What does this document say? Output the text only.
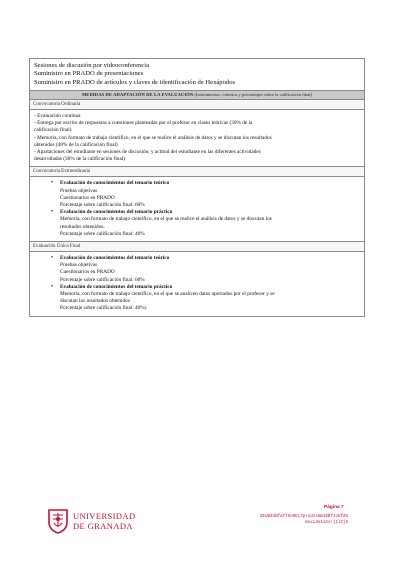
Sesiones de discusión por videoconferencia
Suministro en PRADO de presentaciones
Suministro en PRADO de artículos y claves de identificación de Hexápodos
MEDIDAS DE ADAPTACIÓN DE LA EVALUACIÓN (Instrumentos, criterios y porcentajes sobre la calificación final)
Convocatoria Ordinaria
- Evaluación continua
- Entrega por escrito de respuestas a cuestiones planteadas por el profesor en clases teóricas (30% de la
calificación final)
- Memoria, con formato de trabajo científico, en el que se realice el análisis de datos y se discutan los resultados
obtenidos (40% de la calificación final)
- Apartaciones del estudiante en sesiones de discusión, y actitud del estudiante en las diferentes actividades
desarrolladas (30% de la calificación final)
Convocatoria Extraordinaria
• Evaluación de conocimientos del temario teórico
Pruebas objetivas
Cuestionarios en PRADO
Porcentaje sobre calificación final: 60%
• Evaluación de conocimientos del temario práctico
Memoria, con formato de trabajo científico, en el que se realice el análisis de datos y se discutan los
resultados obtenidos.
Porcentaje sobre calificación final: 40%
Evaluación Única Final
• Evaluación de conocimientos del temario teórico
Pruebas objetivas
Cuestionarios en PRADO
Porcentaje sobre calificación final: 60%
• Evaluación de conocimientos del temario práctico
Memoria, con formato de trabajo científico, en el que se analicen datos aportados por el profesor y se
discutan los resultados obtenidos
Porcentaje sobre calificación final: 40%)
UNIVERSIDAD
DE GRANADA
Página 7
ZEU0ZdNfaT75e9ELTp+vdzsmmIZBf4JUfZ6
mxxi3e1sXs+j1lCj5
